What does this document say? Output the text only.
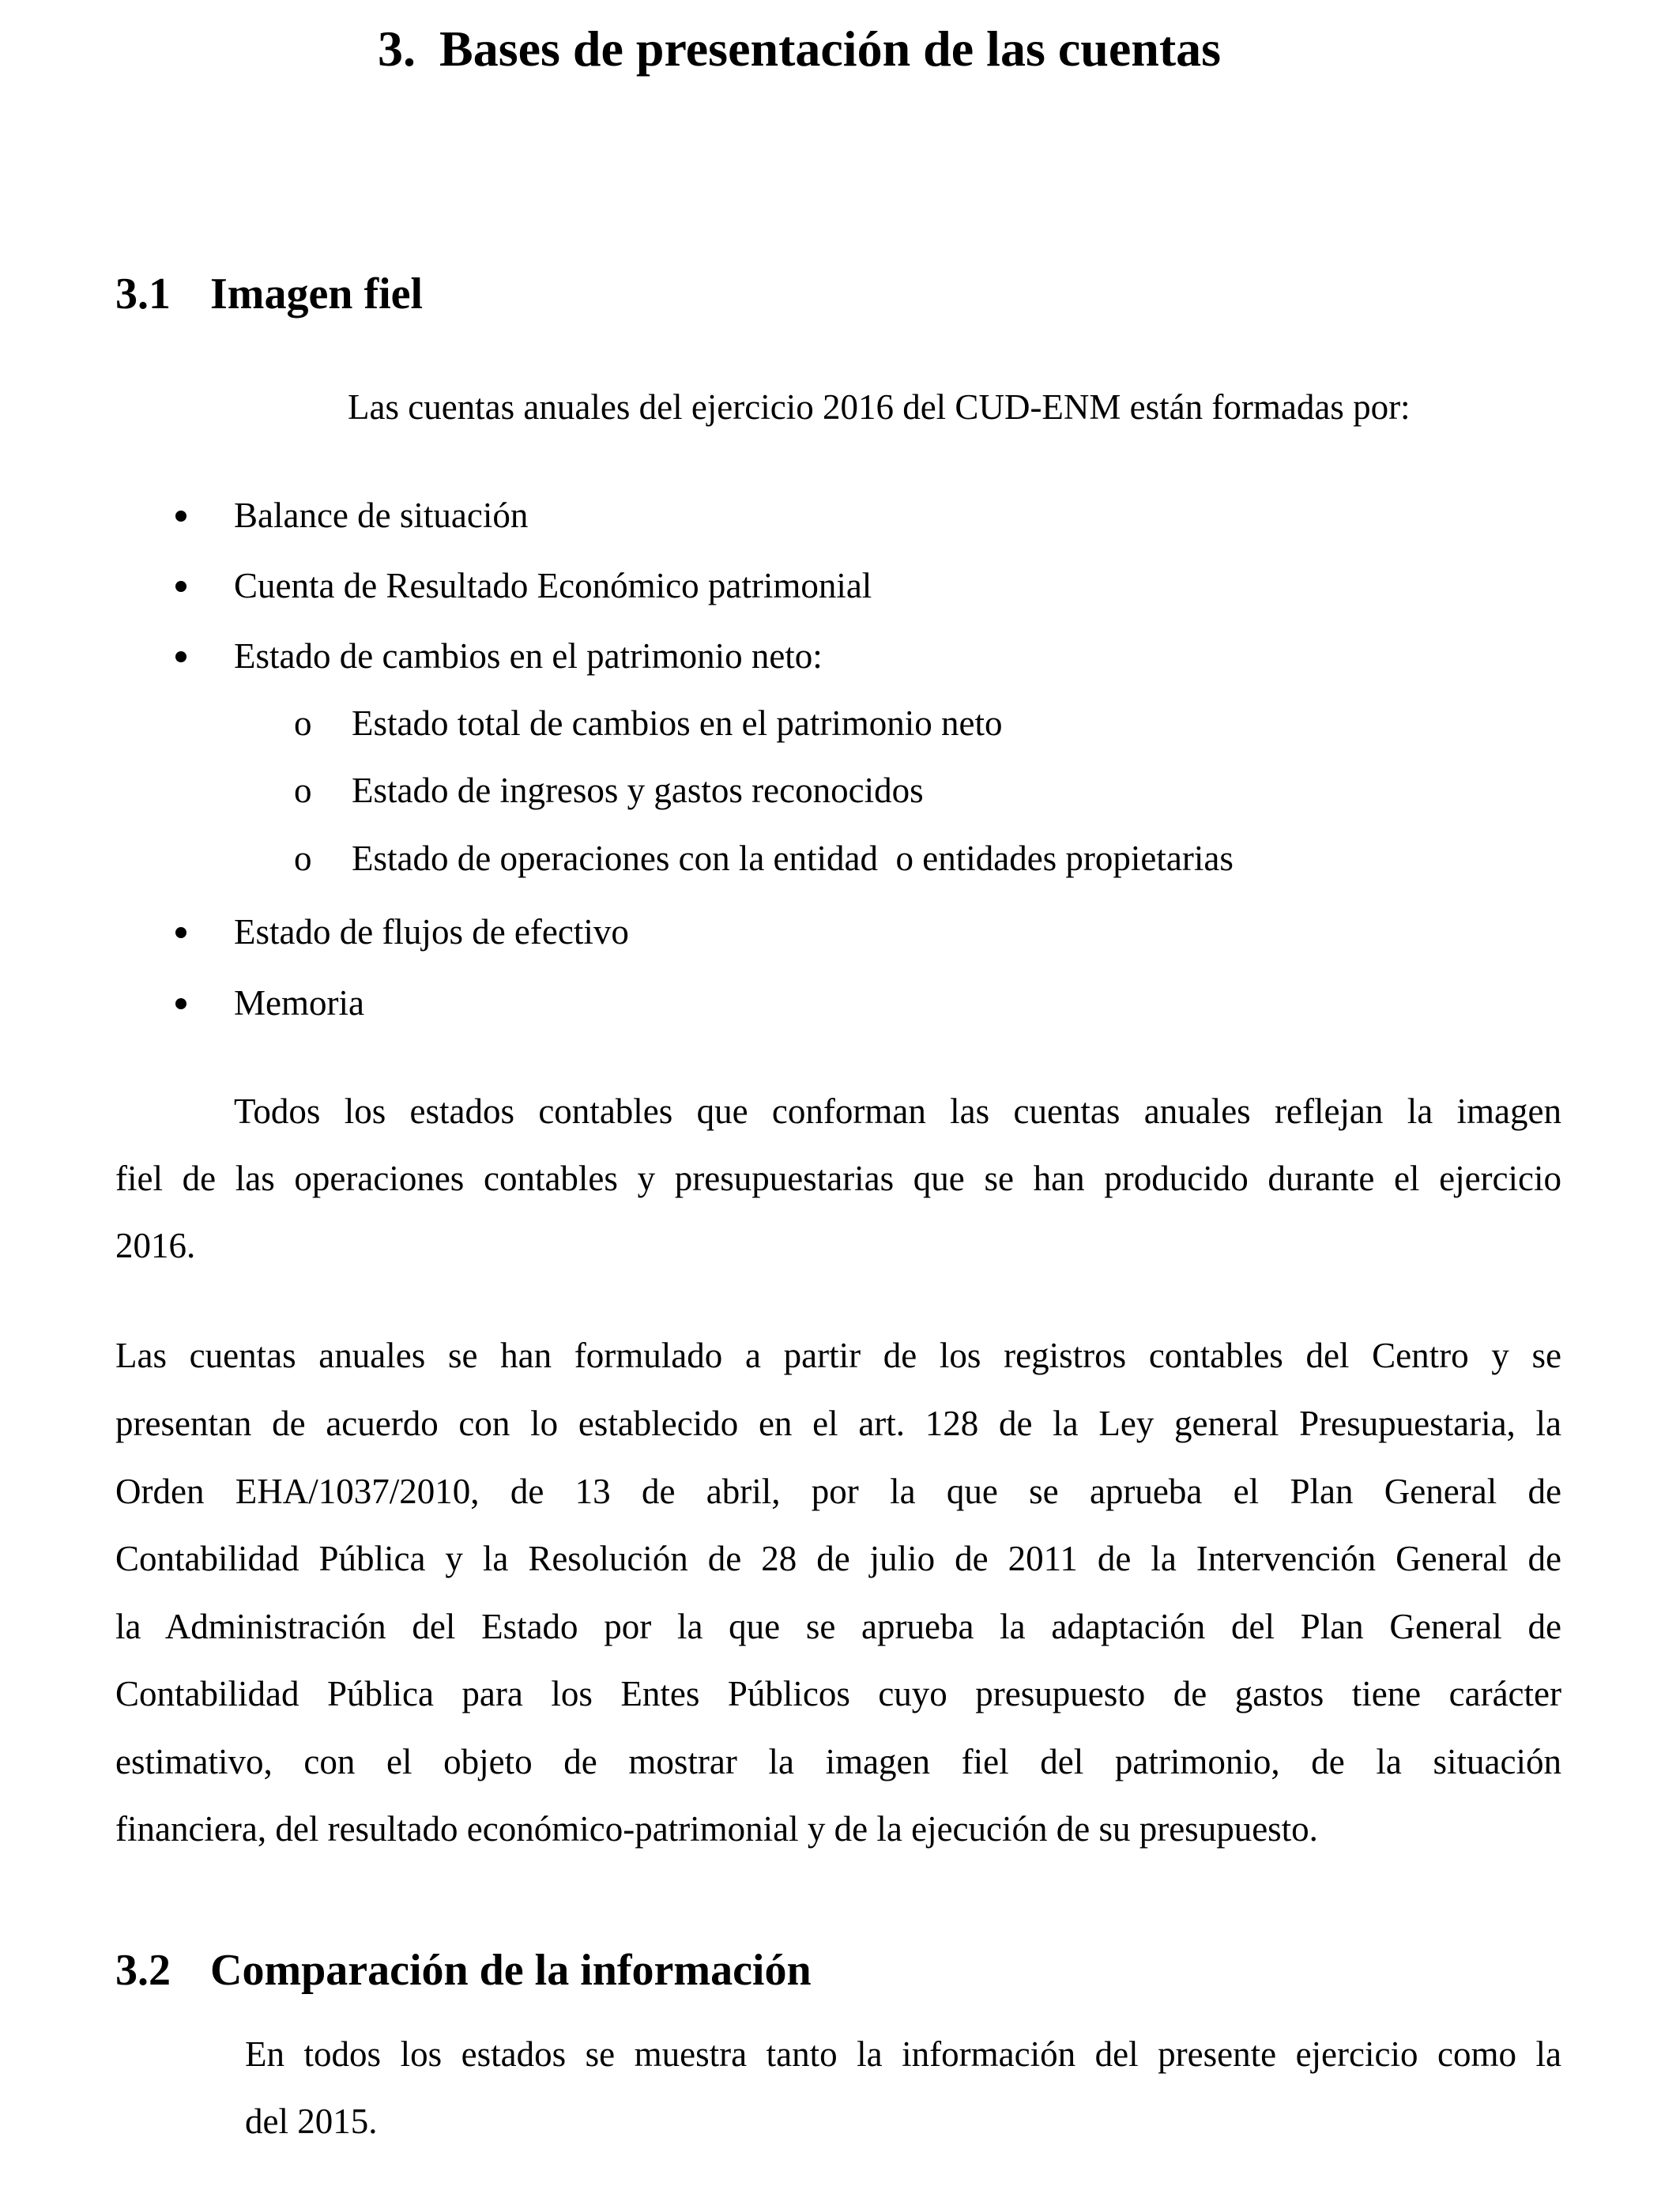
3. Bases de presentación de las cuentas
3.1 Imagen fiel
Las cuentas anuales del ejercicio 2016 del CUD-ENM están formadas por:
Balance de situación
Cuenta de Resultado Económico patrimonial
Estado de cambios en el patrimonio neto:
o Estado total de cambios en el patrimonio neto
o Estado de ingresos y gastos reconocidos
o Estado de operaciones con la entidad  o entidades propietarias
Estado de flujos de efectivo
Memoria
Todos los estados contables que conforman las cuentas anuales reflejan la imagen
fiel de las operaciones contables y presupuestarias que se han producido durante el ejercicio
2016.
Las cuentas anuales se han formulado a partir de los registros contables del Centro y se
presentan de acuerdo con lo establecido en el art. 128 de la Ley general Presupuestaria, la
Orden EHA/1037/2010, de 13 de abril, por la que se aprueba el Plan General de
Contabilidad Pública y la Resolución de 28 de julio de 2011 de la Intervención General de
la Administración del Estado por la que se aprueba la adaptación del Plan General de
Contabilidad Pública para los Entes Públicos cuyo presupuesto de gastos tiene carácter
estimativo, con el objeto de mostrar la imagen fiel del patrimonio, de la situación
financiera, del resultado económico-patrimonial y de la ejecución de su presupuesto.
3.2 Comparación de la información
En todos los estados se muestra tanto la información del presente ejercicio como la
del 2015.
